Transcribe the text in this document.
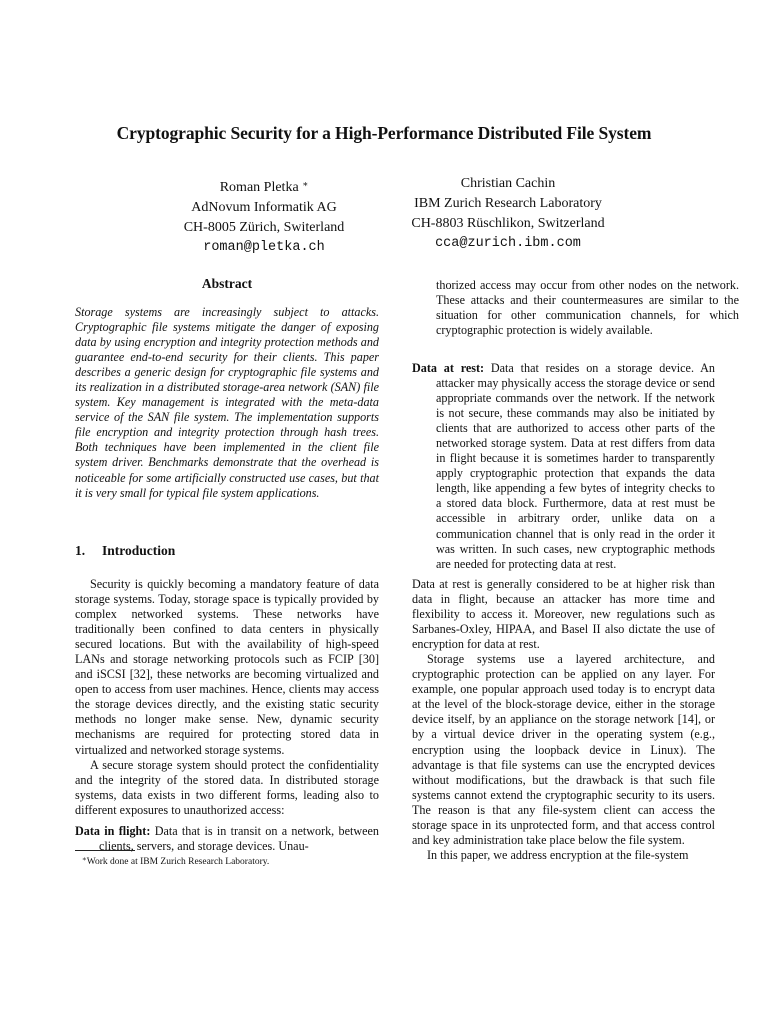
Cryptographic Security for a High-Performance Distributed File System
Roman Pletka ∗
AdNovum Informatik AG
CH-8005 Zürich, Switerland
roman@pletka.ch
Christian Cachin
IBM Zurich Research Laboratory
CH-8803 Rüschlikon, Switzerland
cca@zurich.ibm.com
Abstract

Storage systems are increasingly subject to attacks. Cryptographic file systems mitigate the danger of exposing data by using encryption and integrity protection methods and guarantee end-to-end security for their clients. This paper describes a generic design for cryptographic file systems and its realization in a distributed storage-area network (SAN) file system. Key management is integrated with the meta-data service of the SAN file system. The implementation supports file encryption and integrity protection through hash trees. Both techniques have been implemented in the client file system driver. Benchmarks demonstrate that the overhead is noticeable for some artificially constructed use cases, but that it is very small for typical file system applications.

1. Introduction

Security is quickly becoming a mandatory feature of data storage systems. Today, storage space is typically provided by complex networked systems. These networks have traditionally been confined to data centers in physically secured locations. But with the availability of high-speed LANs and storage networking protocols such as FCIP [30] and iSCSI [32], these networks are becoming virtualized and open to access from user machines. Hence, clients may access the storage devices directly, and the existing static security methods no longer make sense. New, dynamic security mechanisms are required for protecting stored data in virtualized and networked storage systems.

A secure storage system should protect the confidentiality and the integrity of the stored data. In distributed storage systems, data exists in two different forms, leading also to different exposures to unauthorized access:

Data in flight: Data that is in transit on a network, between clients, servers, and storage devices. Unau-

thorized access may occur from other nodes on the network. These attacks and their countermeasures are similar to the situation for other communication channels, for which cryptographic protection is widely available.

Data at rest: Data that resides on a storage device. An attacker may physically access the storage device or send appropriate commands over the network. If the network is not secure, these commands may also be initiated by clients that are authorized to access other parts of the networked storage system. Data at rest differs from data in flight because it is sometimes harder to transparently apply cryptographic protection that expands the data length, like appending a few bytes of integrity checks to a stored data block. Furthermore, data at rest must be accessible in arbitrary order, unlike data on a communication channel that is only read in the order it was written. In such cases, new cryptographic methods are needed for protecting data at rest.

Data at rest is generally considered to be at higher risk than data in flight, because an attacker has more time and flexibility to access it. Moreover, new regulations such as Sarbanes-Oxley, HIPAA, and Basel II also dictate the use of encryption for data at rest.

Storage systems use a layered architecture, and cryptographic protection can be applied on any layer. For example, one popular approach used today is to encrypt data at the level of the block-storage device, either in the storage device itself, by an appliance on the storage network [14], or by a virtual device driver in the operating system (e.g., encryption using the loopback device in Linux). The advantage is that file systems can use the encrypted devices without modifications, but the drawback is that such file systems cannot extend the cryptographic security to its users. The reason is that any file-system client can access the storage space in its unprotected form, and that access control and key administration take place below the file system.

In this paper, we address encryption at the file-system

∗Work done at IBM Zurich Research Laboratory.
